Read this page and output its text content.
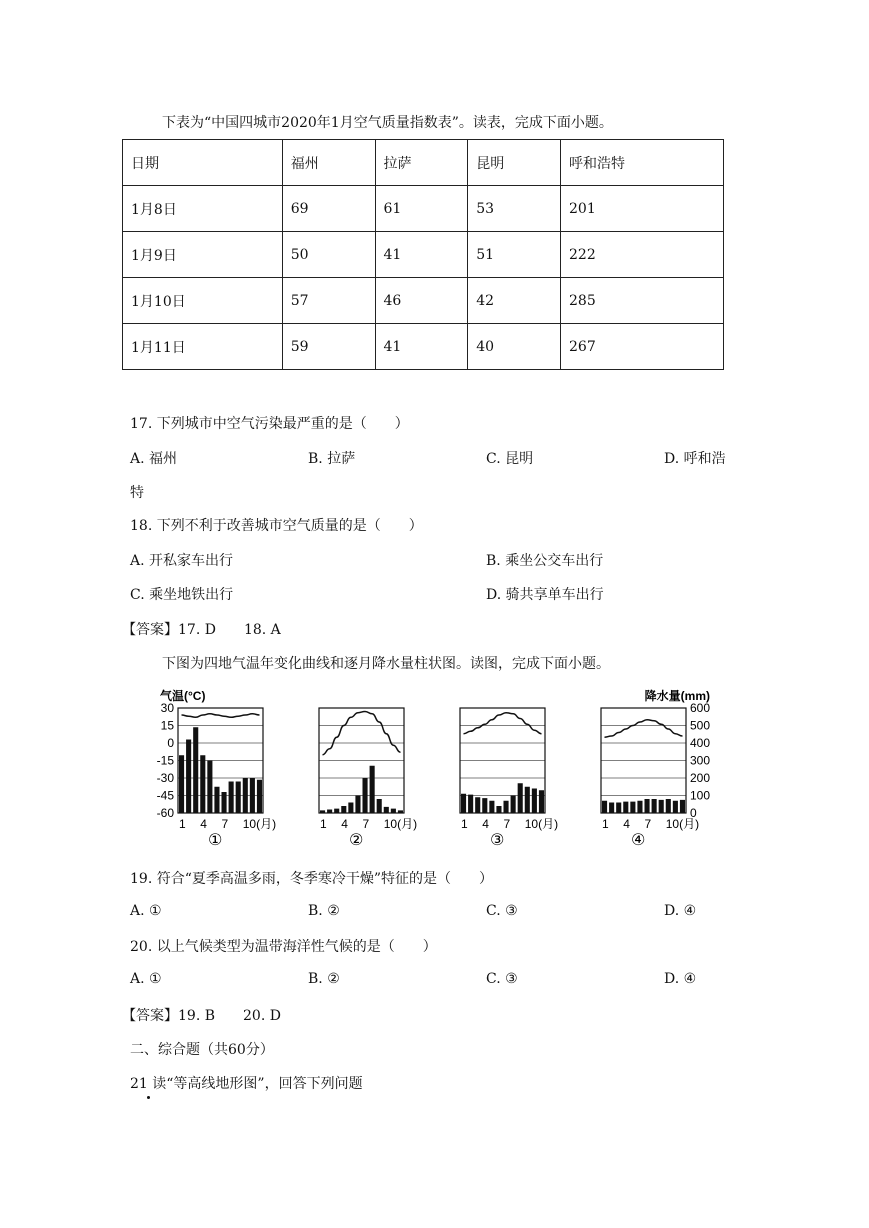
下表为“中国四城市2020年1月空气质量指数表”。读表，完成下面小题。
日期	福州	拉萨	昆明	呼和浩特
1月8日	69	61	53	201
1月9日	50	41	51	222
1月10日	57	46	42	285
1月11日	59	41	40	267
17. 下列城市中空气污染最严重的是（　　）
A. 福州	B. 拉萨	C. 昆明	D. 呼和浩
特
18. 下列不利于改善城市空气质量的是（　　）
A. 开私家车出行	B. 乘坐公交车出行
C. 乘坐地铁出行	D. 骑共享单车出行
【答案】17. D　　18. A
下图为四地气温年变化曲线和逐月降水量柱状图。读图，完成下面小题。
气温(°C)	降水量(mm)
1 4 7 10(月)
①
1 4 7 10(月)
②
1 4 7 10(月)
③
1 4 7 10(月)
④
30
15
0
-15
-30
-45
-60
600
500
400
300
200
100
0
19. 符合“夏季高温多雨，冬季寒冷干燥”特征的是（　　）
A. ①	B. ②	C. ③	D. ④
20. 以上气候类型为温带海洋性气候的是（　　）
A. ①	B. ②	C. ③	D. ④
【答案】19. B　　20. D
二、综合题（共60分）
21 读“等高线地形图”，回答下列问题
